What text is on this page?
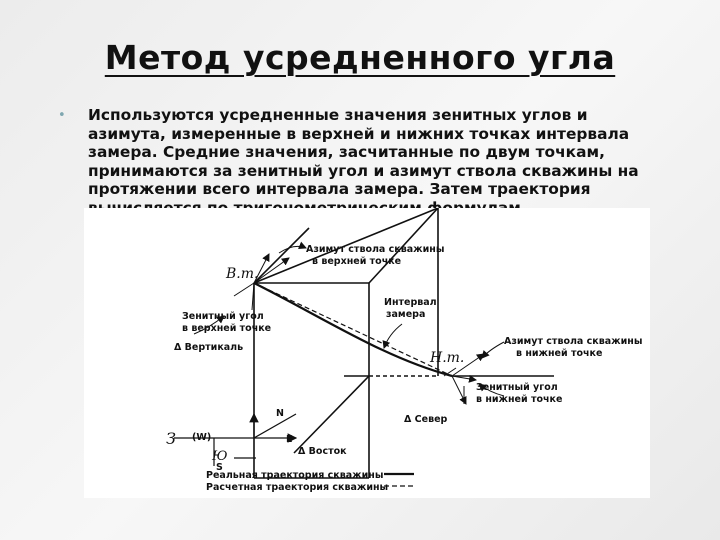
Метод усредненного угла
•	Используются усредненные значения зенитных углов и азимута, измеренные в верхней и нижних точках интервала замера. Средние значения, засчитанные по двум точкам, принимаются за зенитный угол и азимут ствола скважины на протяжении всего интервала замера. Затем траектория
В.т.
Н.т.
Азимут ствола скважины
в верхней точке
Зенитный угол
в верхней точке
Δ Вертикаль
Интервал
замера
Азимут ствола скважины
в нижней точке
Зенитный угол
в нижней точке
Δ Север
Δ Восток
N
E
(W)
S
З
Ю
Реальная траектория скважины
Расчетная траектория скважины
